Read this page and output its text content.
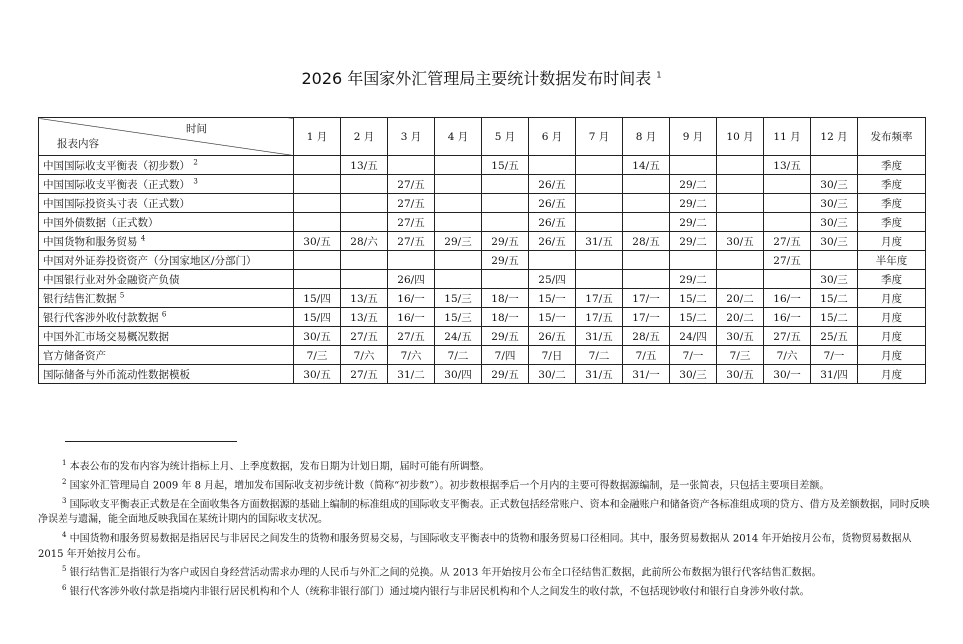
2026 年国家外汇管理局主要统计数据发布时间表 $^1$
时间
报表内容	1 月	2 月	3 月	4 月	5 月	6 月	7 月	8 月	9 月	10 月	11 月	12 月	发布频率
中国国际收支平衡表（初步数） $^2$		13/五			15/五			14/五			13/五		季度
中国国际收支平衡表（正式数） $^3$			27/五			26/五			29/二			30/三	季度
中国国际投资头寸表（正式数）			27/五			26/五			29/二			30/三	季度
中国外债数据（正式数）			27/五			26/五			29/二			30/三	季度
中国货物和服务贸易 $^4$	30/五	28/六	27/五	29/三	29/五	26/五	31/五	28/五	29/二	30/五	27/五	30/三	月度
中国对外证券投资资产（分国家地区/分部门）					29/五						27/五		半年度
中国银行业对外金融资产负债			26/四			25/四			29/二			30/三	季度
银行结售汇数据 $^5$	15/四	13/五	16/一	15/三	18/一	15/一	17/五	17/一	15/二	20/二	16/一	15/二	月度
银行代客涉外收付款数据 $^6$	15/四	13/五	16/一	15/三	18/一	15/一	17/五	17/一	15/二	20/二	16/一	15/二	月度
中国外汇市场交易概况数据	30/五	27/五	27/五	24/五	29/五	26/五	31/五	28/五	24/四	30/五	27/五	25/五	月度
官方储备资产	7/三	7/六	7/六	7/二	7/四	7/日	7/二	7/五	7/一	7/三	7/六	7/一	月度
国际储备与外币流动性数据模板	30/五	27/五	31/二	30/四	29/五	30/二	31/五	31/一	30/三	30/五	30/一	31/四	月度

$^1$ 本表公布的发布内容为统计指标上月、上季度数据，发布日期为计划日期，届时可能有所调整。

$^2$ 国家外汇管理局自 2009 年 8 月起，增加发布国际收支初步统计数（简称“初步数”）。初步数根据季后一个月内的主要可得数据源编制，是一张简表，只包括主要项目差额。

$^3$ 国际收支平衡表正式数是在全面收集各方面数据源的基础上编制的标准组成的国际收支平衡表。正式数包括经常账户、资本和金融账户和储备资产各标准组成项的贷方、借方及差额数据，同时反映净误差与遗漏，能全面地反映我国在某统计期内的国际收支状况。

$^4$ 中国货物和服务贸易数据是指居民与非居民之间发生的货物和服务贸易交易，与国际收支平衡表中的货物和服务贸易口径相同。其中，服务贸易数据从 2014 年开始按月公布，货物贸易数据从 2015 年开始按月公布。

$^5$ 银行结售汇是指银行为客户或因自身经营活动需求办理的人民币与外汇之间的兑换。从 2013 年开始按月公布全口径结售汇数据，此前所公布数据为银行代客结售汇数据。

$^6$ 银行代客涉外收付款是指境内非银行居民机构和个人（统称非银行部门）通过境内银行与非居民机构和个人之间发生的收付款，不包括现钞收付和银行自身涉外收付款。
